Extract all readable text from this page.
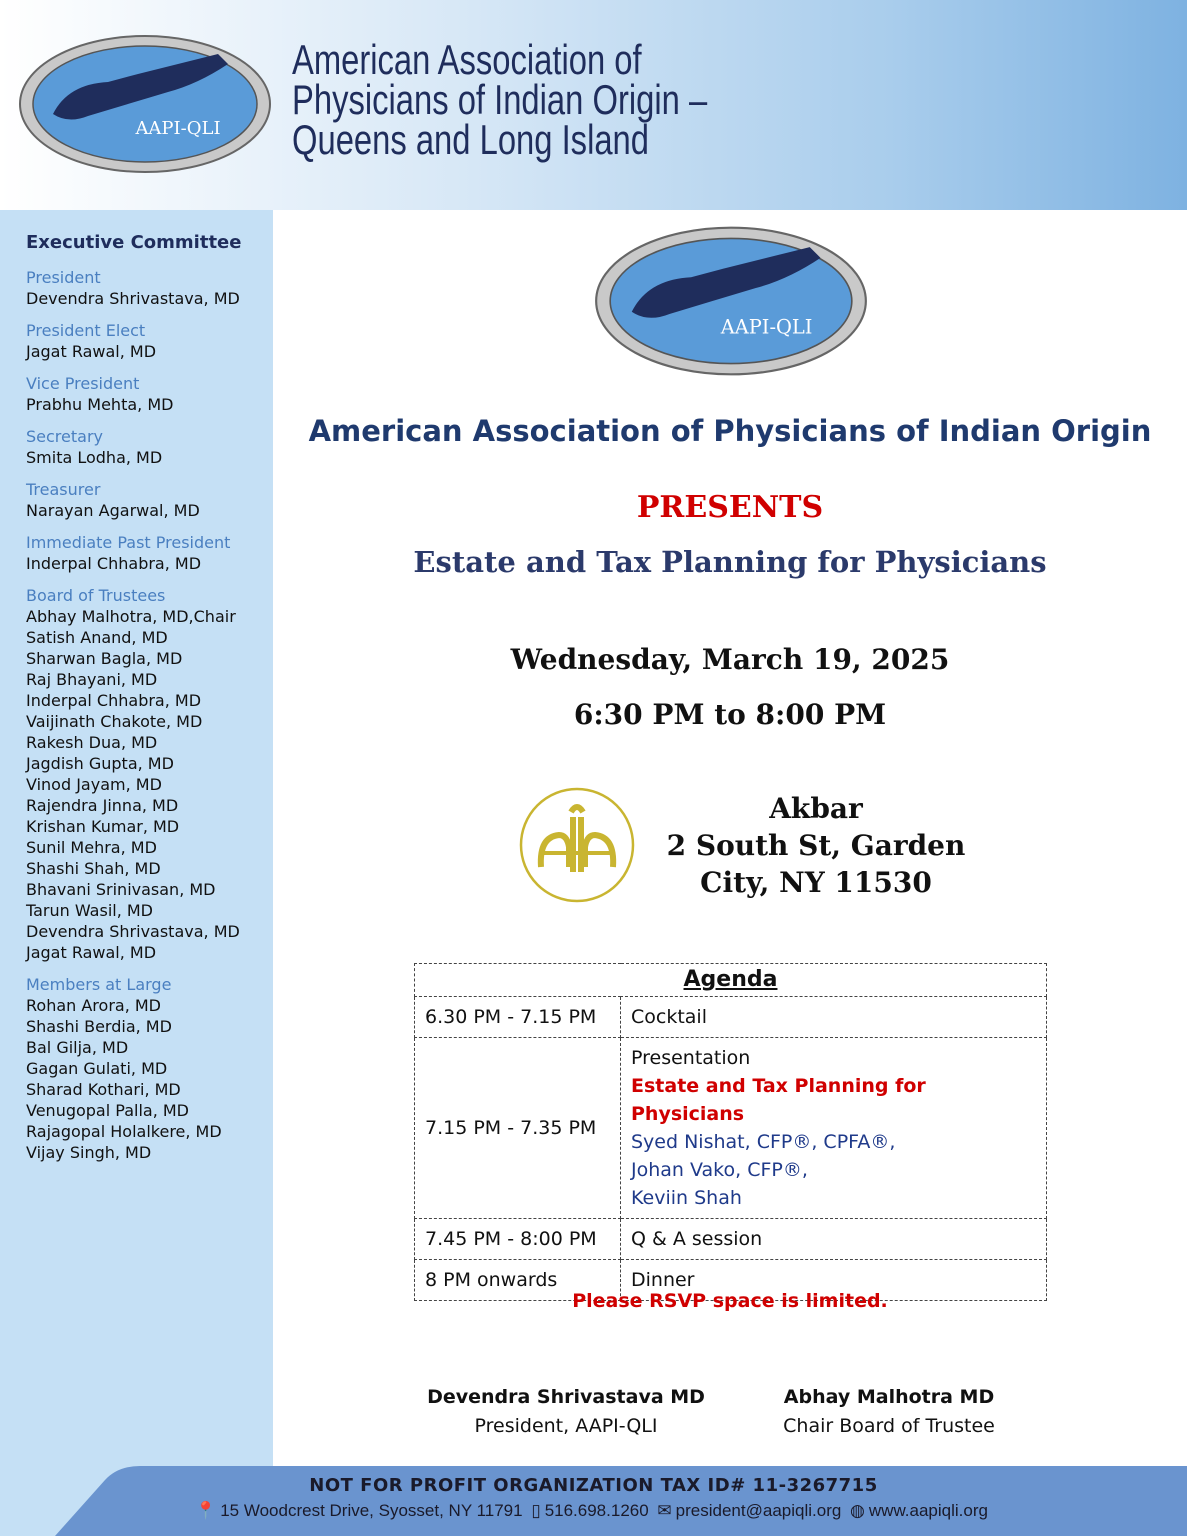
AAPI-QLI
American Association of
Physicians of Indian Origin –
Queens and Long Island
Executive Committee
President
Devendra Shrivastava, MD
President Elect
Jagat Rawal, MD
Vice President
Prabhu Mehta, MD
Secretary
Smita Lodha, MD
Treasurer
Narayan Agarwal, MD
Immediate Past President
Inderpal Chhabra, MD
Board of Trustees
Abhay Malhotra, MD,Chair
Satish Anand, MD
Sharwan Bagla, MD
Raj Bhayani, MD
Inderpal Chhabra, MD
Vaijinath Chakote, MD
Rakesh Dua, MD
Jagdish Gupta, MD
Vinod Jayam, MD
Rajendra Jinna, MD
Krishan Kumar, MD
Sunil Mehra, MD
Shashi Shah, MD
Bhavani Srinivasan, MD
Tarun Wasil, MD
Devendra Shrivastava, MD
Jagat Rawal, MD
Members at Large
Rohan Arora, MD
Shashi Berdia, MD
Bal Gilja, MD
Gagan Gulati, MD
Sharad Kothari, MD
Venugopal Palla, MD
Rajagopal Holalkere, MD
Vijay Singh, MD
AAPI-QLI
American Association of Physicians of Indian Origin
PRESENTS
Estate and Tax Planning for Physicians
Wednesday, March 19, 2025
6:30 PM to 8:00 PM
Akbar
2 South St, Garden
City, NY 11530
Agenda	
6.30 PM - 7.15 PM	Cocktail
7.15 PM - 7.35 PM	Presentation
Estate and Tax Planning for Physicians
Syed Nishat, CFP®, CPFA®,
Johan Vako, CFP®,
Keviin Shah

7.45 PM - 8:00 PM	Q & A session
8 PM onwards	Dinner
Please RSVP space is limited.
Devendra Shrivastava MD
President, AAPI-QLI
Abhay Malhotra MD
Chair Board of Trustee
NOT FOR PROFIT ORGANIZATION TAX ID# 11-3267715
📍 15 Woodcrest Drive, Syosset, NY 11791 ▯ 516.698.1260 ✉ president@aapiqli.org ◍ www.aapiqli.org
